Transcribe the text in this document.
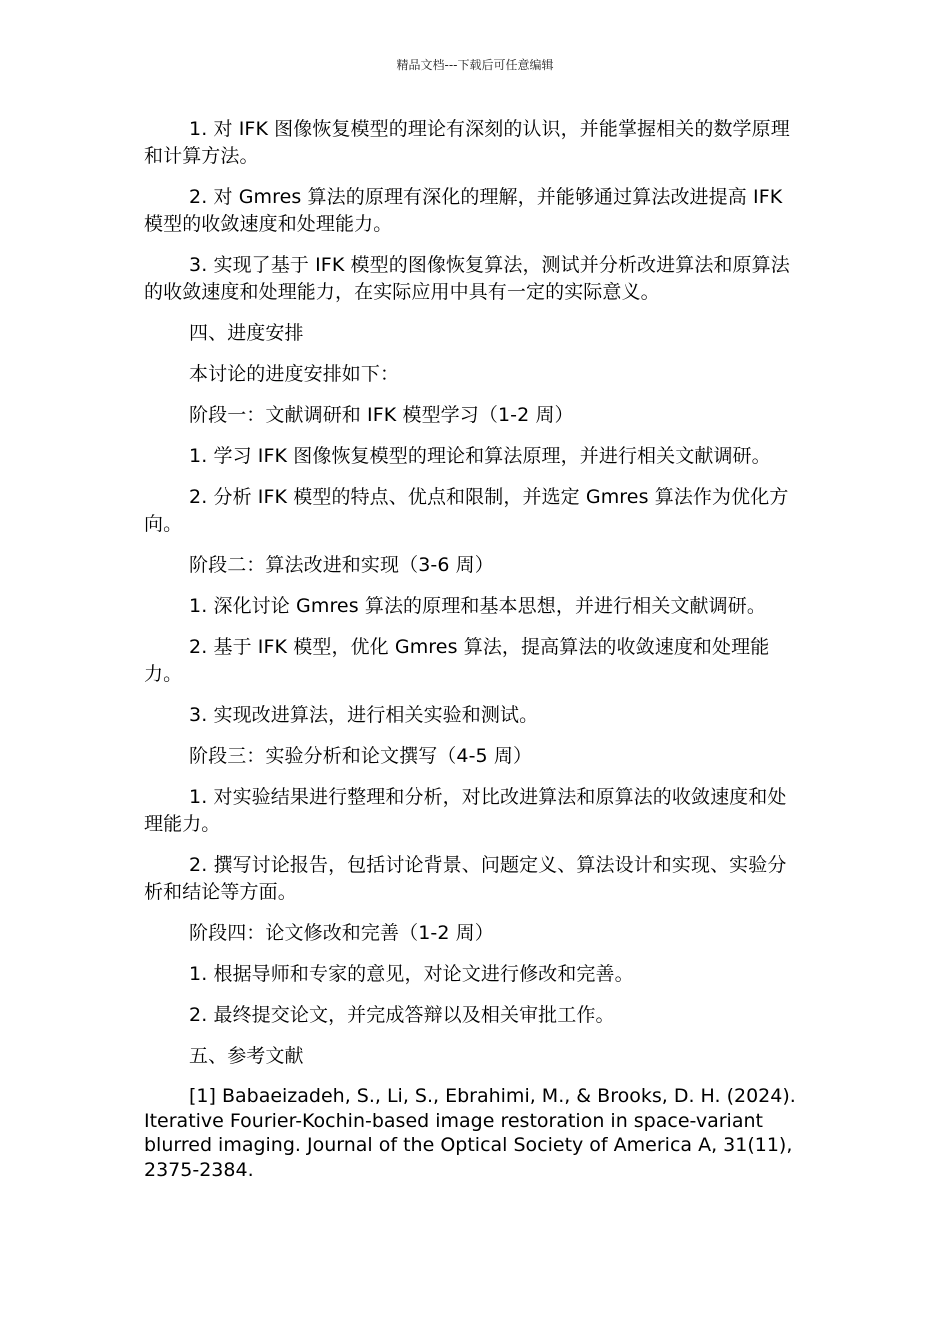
精品文档---下载后可任意编辑

1. 对 IFK 图像恢复模型的理论有深刻的认识，并能掌握相关的数学原理和计算方法。

2. 对 Gmres 算法的原理有深化的理解，并能够通过算法改进提高 IFK 模型的收敛速度和处理能力。

3. 实现了基于 IFK 模型的图像恢复算法，测试并分析改进算法和原算法的收敛速度和处理能力，在实际应用中具有一定的实际意义。

四、进度安排

本讨论的进度安排如下：

阶段一：文献调研和 IFK 模型学习（1-2 周）

1. 学习 IFK 图像恢复模型的理论和算法原理，并进行相关文献调研。

2. 分析 IFK 模型的特点、优点和限制，并选定 Gmres 算法作为优化方向。

阶段二：算法改进和实现（3-6 周）

1. 深化讨论 Gmres 算法的原理和基本思想，并进行相关文献调研。

2. 基于 IFK 模型，优化 Gmres 算法，提高算法的收敛速度和处理能力。

3. 实现改进算法，进行相关实验和测试。

阶段三：实验分析和论文撰写（4-5 周）

1. 对实验结果进行整理和分析，对比改进算法和原算法的收敛速度和处理能力。

2. 撰写讨论报告，包括讨论背景、问题定义、算法设计和实现、实验分析和结论等方面。

阶段四：论文修改和完善（1-2 周）

1. 根据导师和专家的意见，对论文进行修改和完善。

2. 最终提交论文，并完成答辩以及相关审批工作。

五、参考文献

[1] Babaeizadeh, S., Li, S., Ebrahimi, M., & Brooks, D. H. (2024). Iterative Fourier-Kochin-based image restoration in space-variant blurred imaging. Journal of the Optical Society of America A, 31(11), 2375-2384.
